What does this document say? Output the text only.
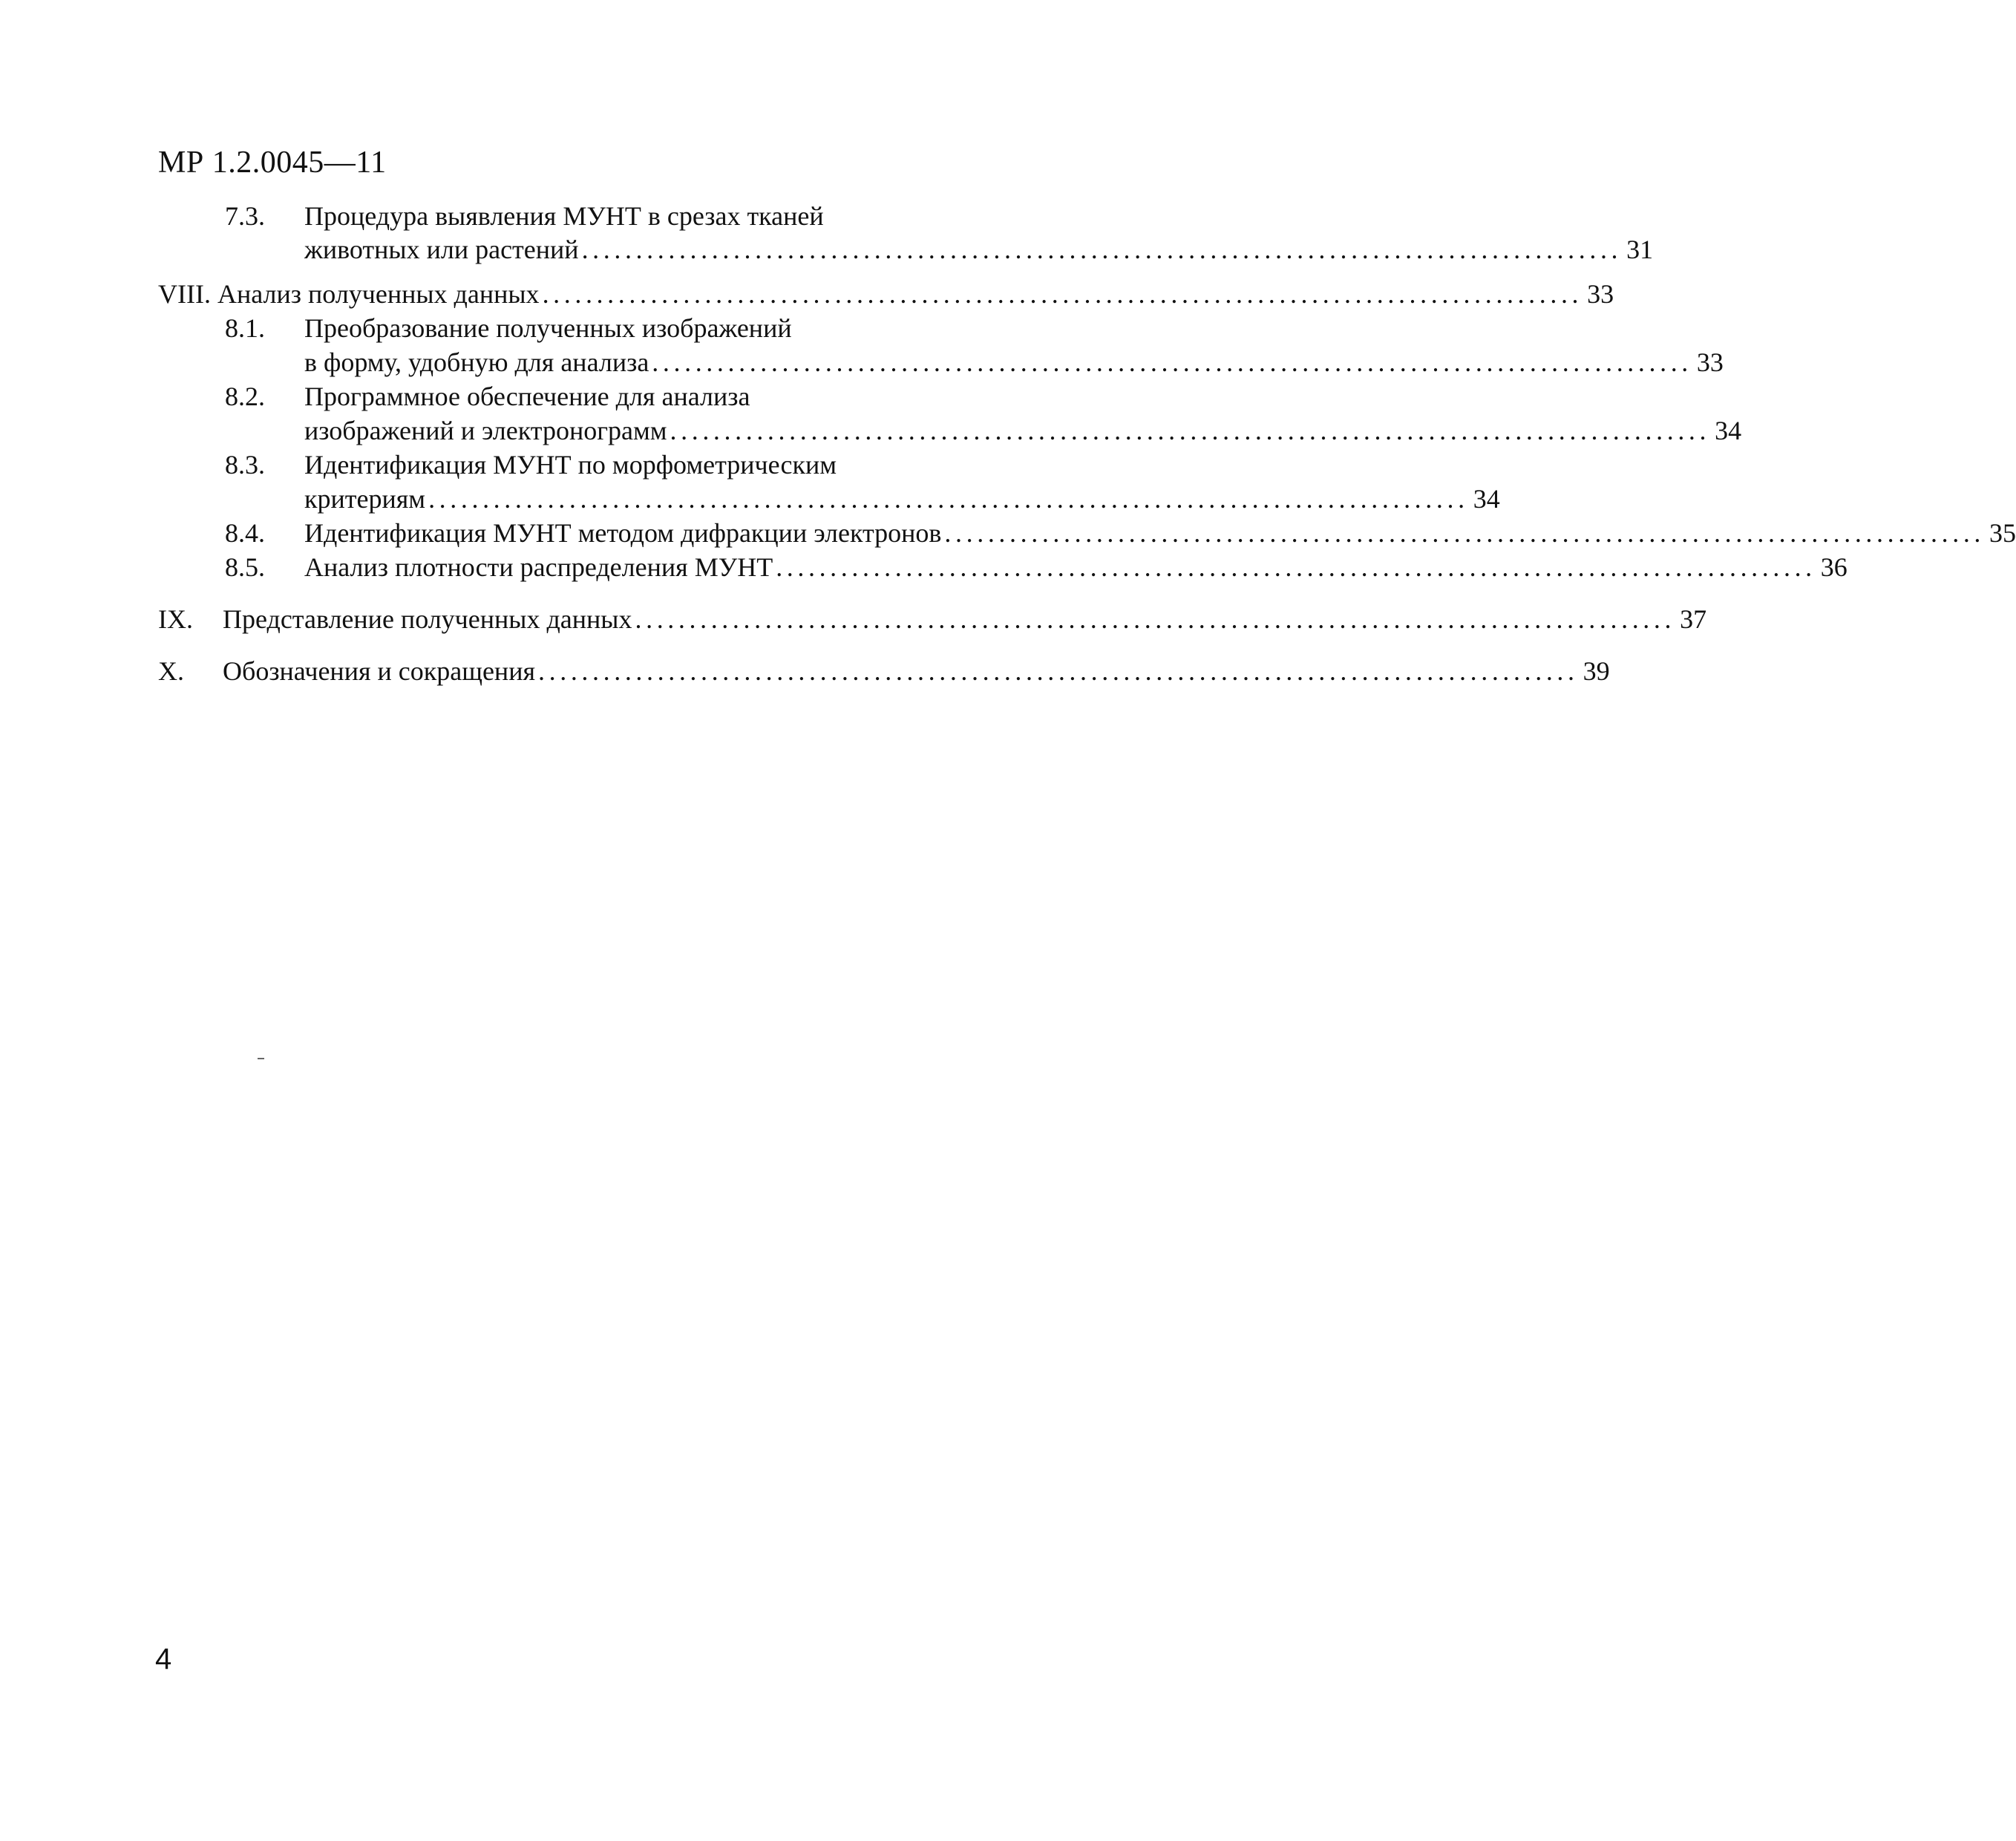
МР 1.2.0045—11
7.3. Процедура выявления МУНТ в срезах тканей
животных или растений ................................................................................................ 31
VIII. Анализ полученных данных ................................................................................................ 33
8.1. Преобразование полученных изображений
в форму, удобную для анализа ................................................................................................ 33
8.2. Программное обеспечение для анализа
изображений и электронограмм ................................................................................................ 34
8.3. Идентификация МУНТ по морфометрическим
критериям ................................................................................................ 34
8.4. Идентификация МУНТ методом дифракции электронов ................................................................................................ 35
8.5. Анализ плотности распределения МУНТ ................................................................................................ 36
IX. Представление полученных данных ................................................................................................ 37
X. Обозначения и сокращения ................................................................................................ 39
4
